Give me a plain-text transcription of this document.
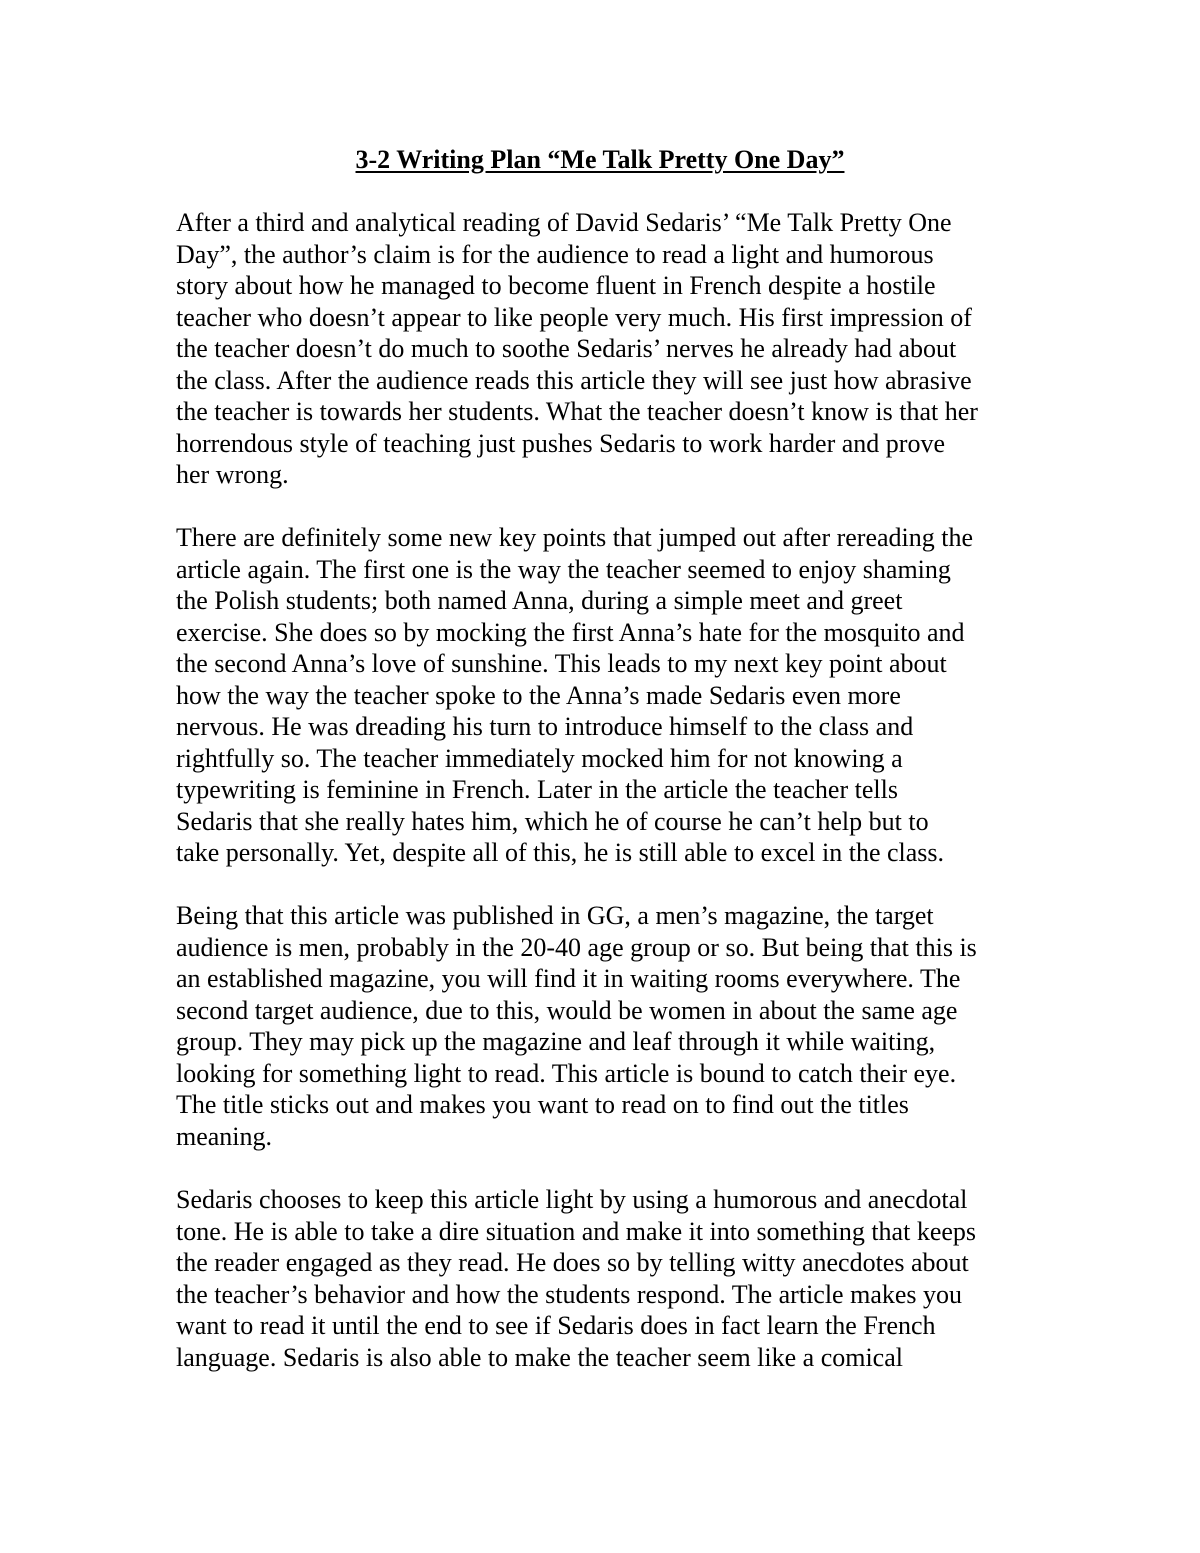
3-2 Writing Plan “Me Talk Pretty One Day”
After a third and analytical reading of David Sedaris’ “Me Talk Pretty One
Day”, the author’s claim is for the audience to read a light and humorous
story about how he managed to become fluent in French despite a hostile
teacher who doesn’t appear to like people very much. His first impression of
the teacher doesn’t do much to soothe Sedaris’ nerves he already had about
the class. After the audience reads this article they will see just how abrasive
the teacher is towards her students. What the teacher doesn’t know is that her
horrendous style of teaching just pushes Sedaris to work harder and prove
her wrong.
There are definitely some new key points that jumped out after rereading the
article again. The first one is the way the teacher seemed to enjoy shaming
the Polish students; both named Anna, during a simple meet and greet
exercise. She does so by mocking the first Anna’s hate for the mosquito and
the second Anna’s love of sunshine. This leads to my next key point about
how the way the teacher spoke to the Anna’s made Sedaris even more
nervous. He was dreading his turn to introduce himself to the class and
rightfully so. The teacher immediately mocked him for not knowing a
typewriting is feminine in French. Later in the article the teacher tells
Sedaris that she really hates him, which he of course he can’t help but to
take personally. Yet, despite all of this, he is still able to excel in the class.
Being that this article was published in GG, a men’s magazine, the target
audience is men, probably in the 20-40 age group or so. But being that this is
an established magazine, you will find it in waiting rooms everywhere. The
second target audience, due to this, would be women in about the same age
group. They may pick up the magazine and leaf through it while waiting,
looking for something light to read. This article is bound to catch their eye.
The title sticks out and makes you want to read on to find out the titles
meaning.
Sedaris chooses to keep this article light by using a humorous and anecdotal
tone. He is able to take a dire situation and make it into something that keeps
the reader engaged as they read. He does so by telling witty anecdotes about
the teacher’s behavior and how the students respond. The article makes you
want to read it until the end to see if Sedaris does in fact learn the French
language. Sedaris is also able to make the teacher seem like a comical
